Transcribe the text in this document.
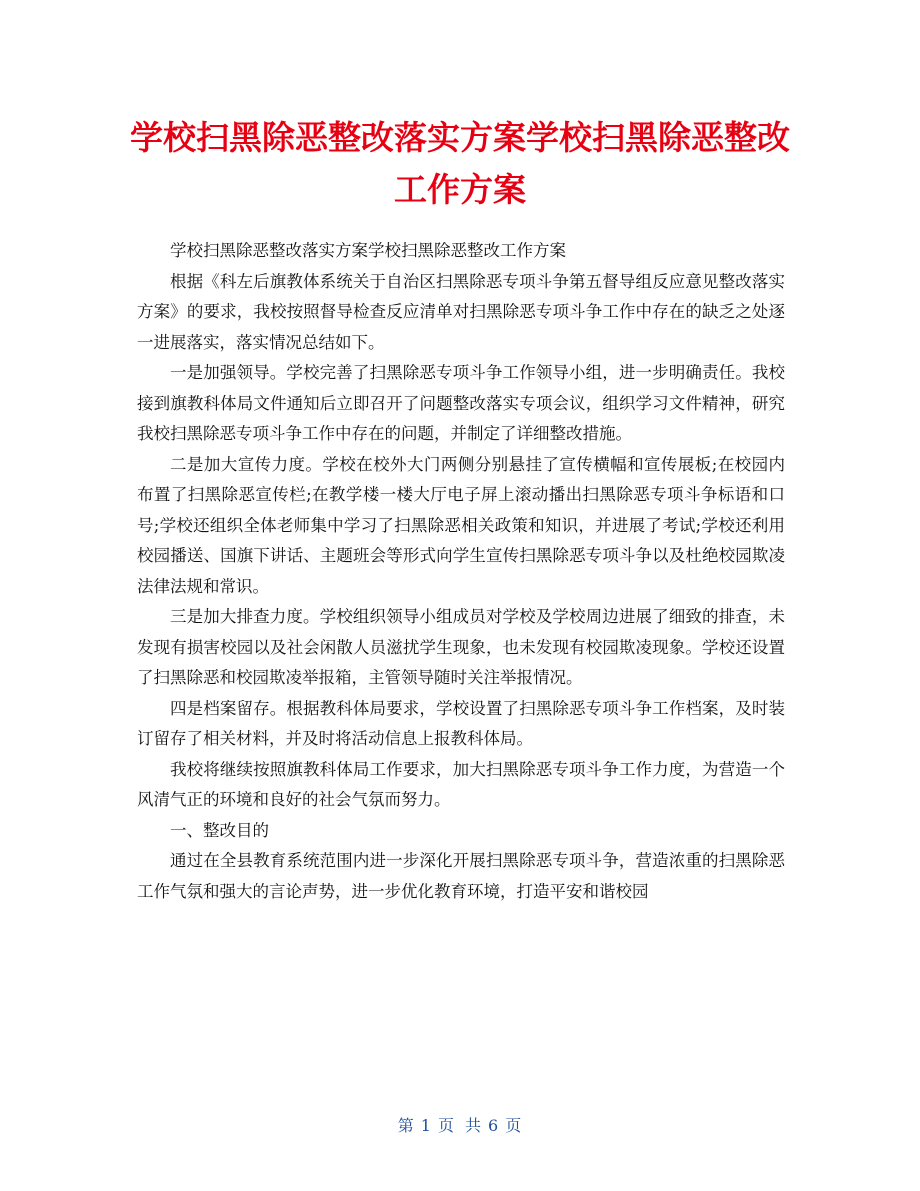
学校扫黑除恶整改落实方案学校扫黑除恶整改
工作方案

学校扫黑除恶整改落实方案学校扫黑除恶整改工作方案

根据《科左后旗教体系统关于自治区扫黑除恶专项斗争第五督导组反应意见整改落实方案》的要求，我校按照督导检查反应清单对扫黑除恶专项斗争工作中存在的缺乏之处逐一进展落实，落实情况总结如下。

一是加强领导。学校完善了扫黑除恶专项斗争工作领导小组，进一步明确责任。我校接到旗教科体局文件通知后立即召开了问题整改落实专项会议，组织学习文件精神，研究我校扫黑除恶专项斗争工作中存在的问题，并制定了详细整改措施。

二是加大宣传力度。学校在校外大门两侧分别悬挂了宣传横幅和宣传展板;在校园内布置了扫黑除恶宣传栏;在教学楼一楼大厅电子屏上滚动播出扫黑除恶专项斗争标语和口号;学校还组织全体老师集中学习了扫黑除恶相关政策和知识，并进展了考试;学校还利用校园播送、国旗下讲话、主题班会等形式向学生宣传扫黑除恶专项斗争以及杜绝校园欺凌法律法规和常识。

三是加大排查力度。学校组织领导小组成员对学校及学校周边进展了细致的排查，未发现有损害校园以及社会闲散人员滋扰学生现象，也未发现有校园欺凌现象。学校还设置了扫黑除恶和校园欺凌举报箱，主管领导随时关注举报情况。

四是档案留存。根据教科体局要求，学校设置了扫黑除恶专项斗争工作档案，及时装订留存了相关材料，并及时将活动信息上报教科体局。

我校将继续按照旗教科体局工作要求，加大扫黑除恶专项斗争工作力度，为营造一个风清气正的环境和良好的社会气氛而努力。

一、整改目的

通过在全县教育系统范围内进一步深化开展扫黑除恶专项斗争，营造浓重的扫黑除恶工作气氛和强大的言论声势，进一步优化教育环境，打造平安和谐校园

第 1 页 共 6 页
